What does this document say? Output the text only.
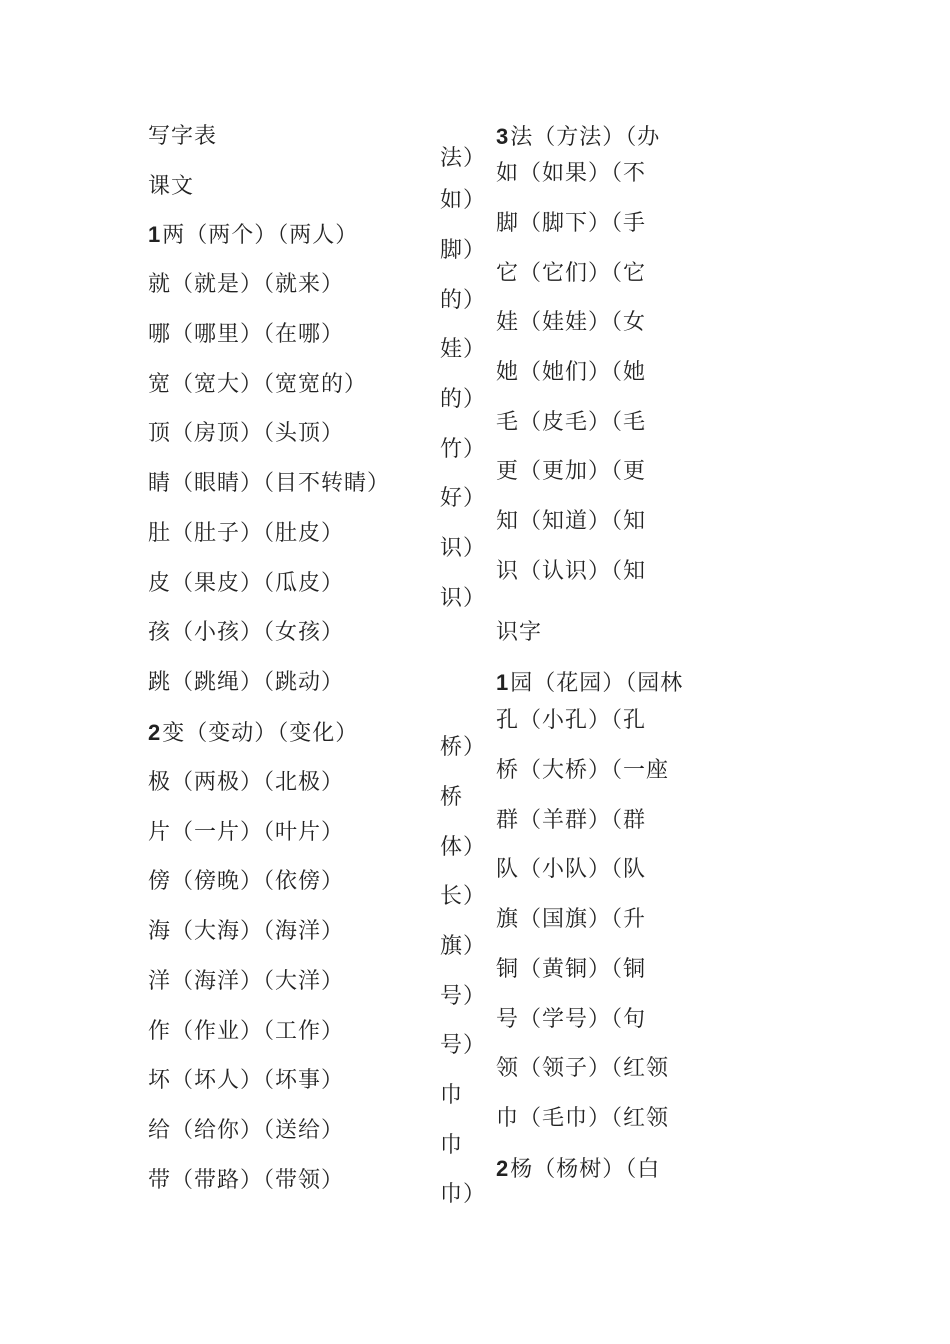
写字表
课文
1两（两个）（两人）
就（就是）（就来）
哪（哪里）（在哪）
宽（宽大）（宽宽的）
顶（房顶）（头顶）
睛（眼睛）（目不转睛）
肚（肚子）（肚皮）
皮（果皮）（瓜皮）
孩（小孩）（女孩）
跳（跳绳）（跳动）
2变（变动）（变化）
极（两极）（北极）
片（一片）（叶片）
傍（傍晚）（依傍）
海（大海）（海洋）
洋（海洋）（大洋）
作（作业）（工作）
坏（坏人）（坏事）
给（给你）（送给）
带（带路）（带领）
法）
如）
脚）
的）
娃）
的）
竹）
好）
识）
识）
桥）
桥
体）
长）
旗）
号）
号）
巾
巾
巾）
3法（方法）（办
如（如果）（不
脚（脚下）（手
它（它们）（它
娃（娃娃）（女
她（她们）（她
毛（皮毛）（毛
更（更加）（更
知（知道）（知
识（认识）（知
识字
1园（花园）（园林
孔（小孔）（孔
桥（大桥）（一座
群（羊群）（群
队（小队）（队
旗（国旗）（升
铜（黄铜）（铜
号（学号）（句
领（领子）（红领
巾（毛巾）（红领
2杨（杨树）（白
